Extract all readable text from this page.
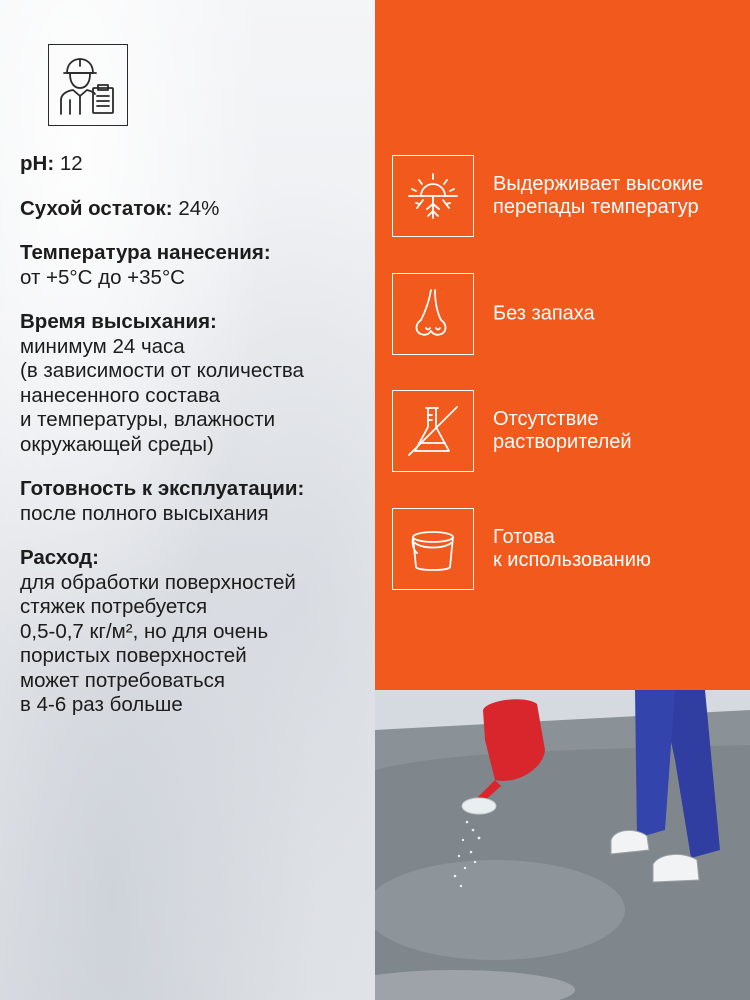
pH: 12
Сухой остаток: 24%
Температура нанесения:
от +5°C до +35°C
Время высыхания:
минимум 24 часа
(в зависимости от количества
нанесенного состава
и температуры, влажности
окружающей среды)
Готовность к эксплуатации:
после полного высыхания
Расход:
для обработки поверхностей
стяжек потребуется
0,5-0,7 кг/м², но для очень
пористых поверхностей
может потребоваться
в 4-6 раз больше
Выдерживает высокие
перепады температур
Без запаха
Отсутствие
растворителей
Готова
к использованию
